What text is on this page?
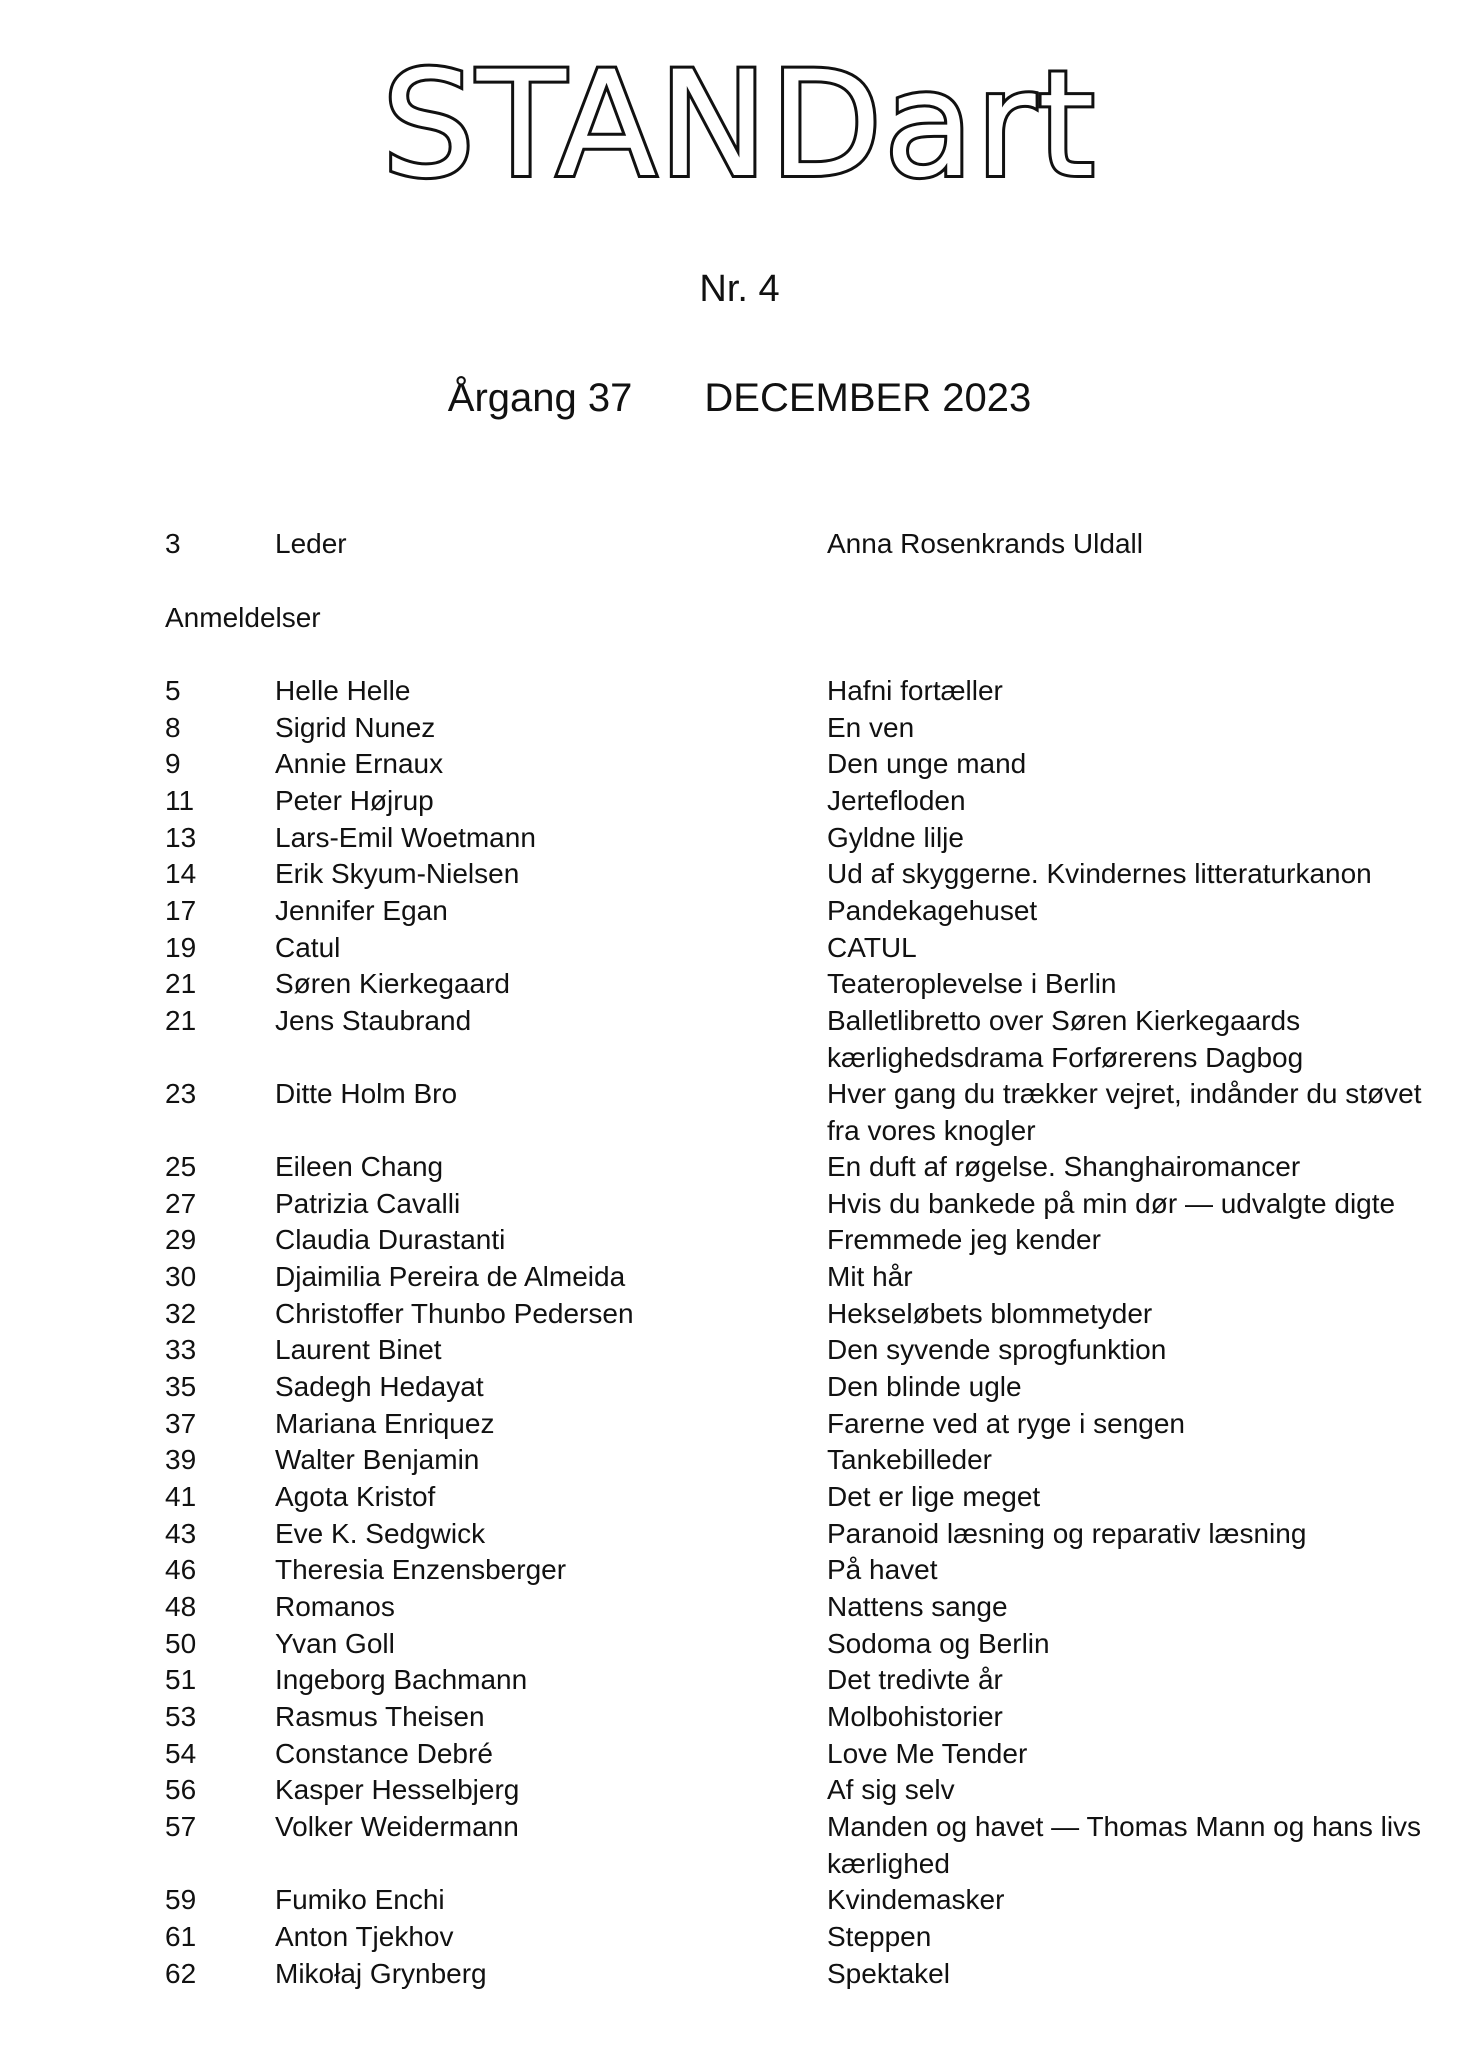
STANDart
Nr. 4
Årgang 37 DECEMBER 2023
3	Leder	Anna Rosenkrands Uldall
Anmeldelser
5	Helle Helle	Hafni fortæller
8	Sigrid Nunez	En ven
9	Annie Ernaux	Den unge mand
11	Peter Højrup	Jertefloden
13	Lars-Emil Woetmann	Gyldne lilje
14	Erik Skyum-Nielsen	Ud af skyggerne. Kvindernes litteraturkanon
17	Jennifer Egan	Pandekagehuset
19	Catul	CATUL
21	Søren Kierkegaard	Teateroplevelse i Berlin
21	Jens Staubrand	Balletlibretto over Søren Kierkegaards kærlighedsdrama Forførerens Dagbog
23	Ditte Holm Bro	Hver gang du trækker vejret, indånder du støvet fra vores knogler
25	Eileen Chang	En duft af røgelse. Shanghairomancer
27	Patrizia Cavalli	Hvis du bankede på min dør — udvalgte digte
29	Claudia Durastanti	Fremmede jeg kender
30	Djaimilia Pereira de Almeida	Mit hår
32	Christoffer Thunbo Pedersen	Hekseløbets blommetyder
33	Laurent Binet	Den syvende sprogfunktion
35	Sadegh Hedayat	Den blinde ugle
37	Mariana Enriquez	Farerne ved at ryge i sengen
39	Walter Benjamin	Tankebilleder
41	Agota Kristof	Det er lige meget
43	Eve K. Sedgwick	Paranoid læsning og reparativ læsning
46	Theresia Enzensberger	På havet
48	Romanos	Nattens sange
50	Yvan Goll	Sodoma og Berlin
51	Ingeborg Bachmann	Det tredivte år
53	Rasmus Theisen	Molbohistorier
54	Constance Debré	Love Me Tender
56	Kasper Hesselbjerg	Af sig selv
57	Volker Weidermann	Manden og havet — Thomas Mann og hans livs kærlighed
59	Fumiko Enchi	Kvindemasker
61	Anton Tjekhov	Steppen
62	Mikołaj Grynberg	Spektakel
